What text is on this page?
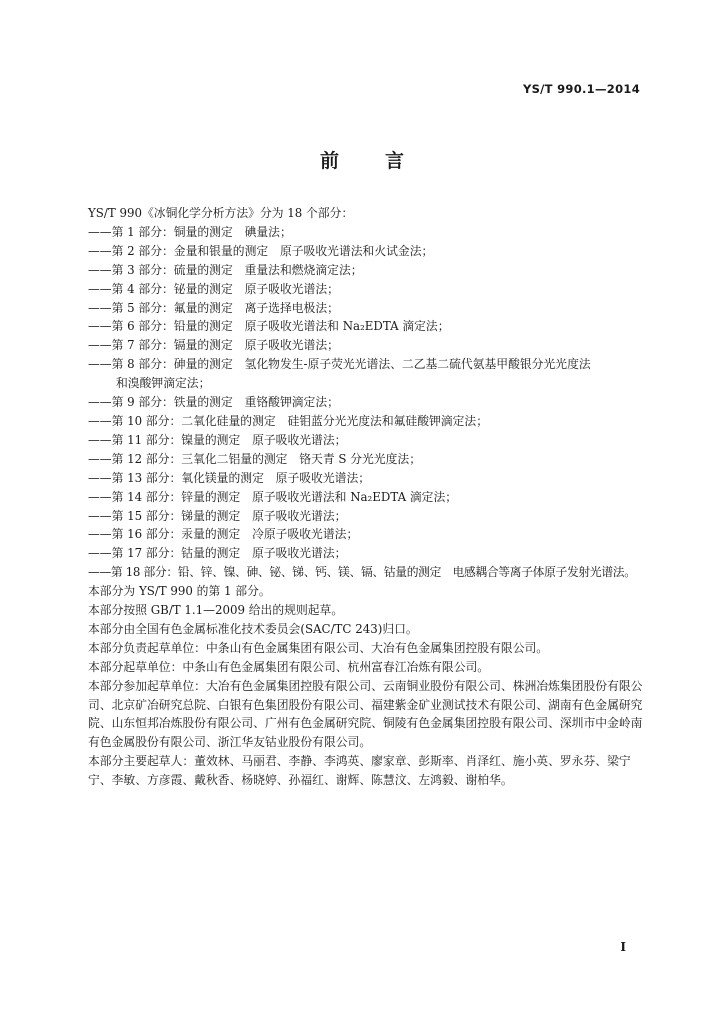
YS/T 990.1—2014
前言
YS/T 990《冰铜化学分析方法》分为 18 个部分：
——第 1 部分：铜量的测定　碘量法；
——第 2 部分：金量和银量的测定　原子吸收光谱法和火试金法；
——第 3 部分：硫量的测定　重量法和燃烧滴定法；
——第 4 部分：铋量的测定　原子吸收光谱法；
——第 5 部分：氟量的测定　离子选择电极法；
——第 6 部分：铅量的测定　原子吸收光谱法和 Na₂EDTA 滴定法；
——第 7 部分：镉量的测定　原子吸收光谱法；
——第 8 部分：砷量的测定　氢化物发生-原子荧光光谱法、二乙基二硫代氨基甲酸银分光光度法
和溴酸钾滴定法；
——第 9 部分：铁量的测定　重铬酸钾滴定法；
——第 10 部分：二氧化硅量的测定　硅钼蓝分光光度法和氟硅酸钾滴定法；
——第 11 部分：镍量的测定　原子吸收光谱法；
——第 12 部分：三氧化二铝量的测定　铬天青 S 分光光度法；
——第 13 部分：氧化镁量的测定　原子吸收光谱法；
——第 14 部分：锌量的测定　原子吸收光谱法和 Na₂EDTA 滴定法；
——第 15 部分：锑量的测定　原子吸收光谱法；
——第 16 部分：汞量的测定　冷原子吸收光谱法；
——第 17 部分：钴量的测定　原子吸收光谱法；
——第 18 部分：铅、锌、镍、砷、铋、锑、钙、镁、镉、钴量的测定　电感耦合等离子体原子发射光谱法。
本部分为 YS/T 990 的第 1 部分。
本部分按照 GB/T 1.1—2009 给出的规则起草。
本部分由全国有色金属标准化技术委员会(SAC/TC 243)归口。
本部分负责起草单位：中条山有色金属集团有限公司、大冶有色金属集团控股有限公司。
本部分起草单位：中条山有色金属集团有限公司、杭州富春江冶炼有限公司。
本部分参加起草单位：大冶有色金属集团控股有限公司、云南铜业股份有限公司、株洲冶炼集团股份有限公司、北京矿冶研究总院、白银有色集团股份有限公司、福建紫金矿业测试技术有限公司、湖南有色金属研究院、山东恒邦冶炼股份有限公司、广州有色金属研究院、铜陵有色金属集团控股有限公司、深圳市中金岭南有色金属股份有限公司、浙江华友钴业股份有限公司。
本部分主要起草人：董效林、马丽君、李静、李鸿英、廖家章、彭斯率、肖泽红、施小英、罗永芬、梁宁宁、李敏、方彦霞、戴秋香、杨晓婷、孙福红、谢辉、陈慧汶、左鸿毅、谢柏华。
I
